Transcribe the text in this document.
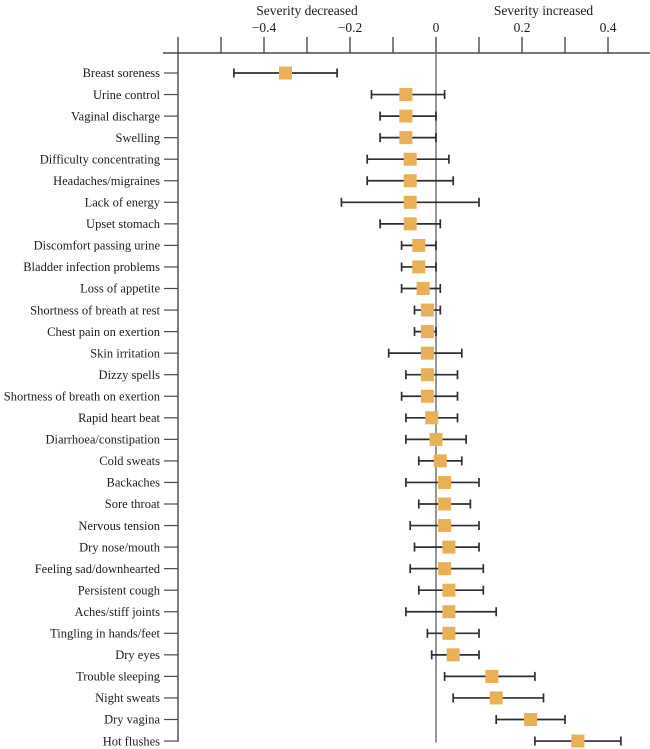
Severity decreased	Severity increased
−0.4	−0.2	0	0.2	0.4
Breast soreness
Urine control
Vaginal discharge
Swelling
Difficulty concentrating
Headaches/migraines
Lack of energy
Upset stomach
Discomfort passing urine
Bladder infection problems
Loss of appetite
Shortness of breath at rest
Chest pain on exertion
Skin irritation
Dizzy spells
Shortness of breath on exertion
Rapid heart beat
Diarrhoea/constipation
Cold sweats
Backaches
Sore throat
Nervous tension
Dry nose/mouth
Feeling sad/downhearted
Persistent cough
Aches/stiff joints
Tingling in hands/feet
Dry eyes
Trouble sleeping
Night sweats
Dry vagina
Hot flushes
